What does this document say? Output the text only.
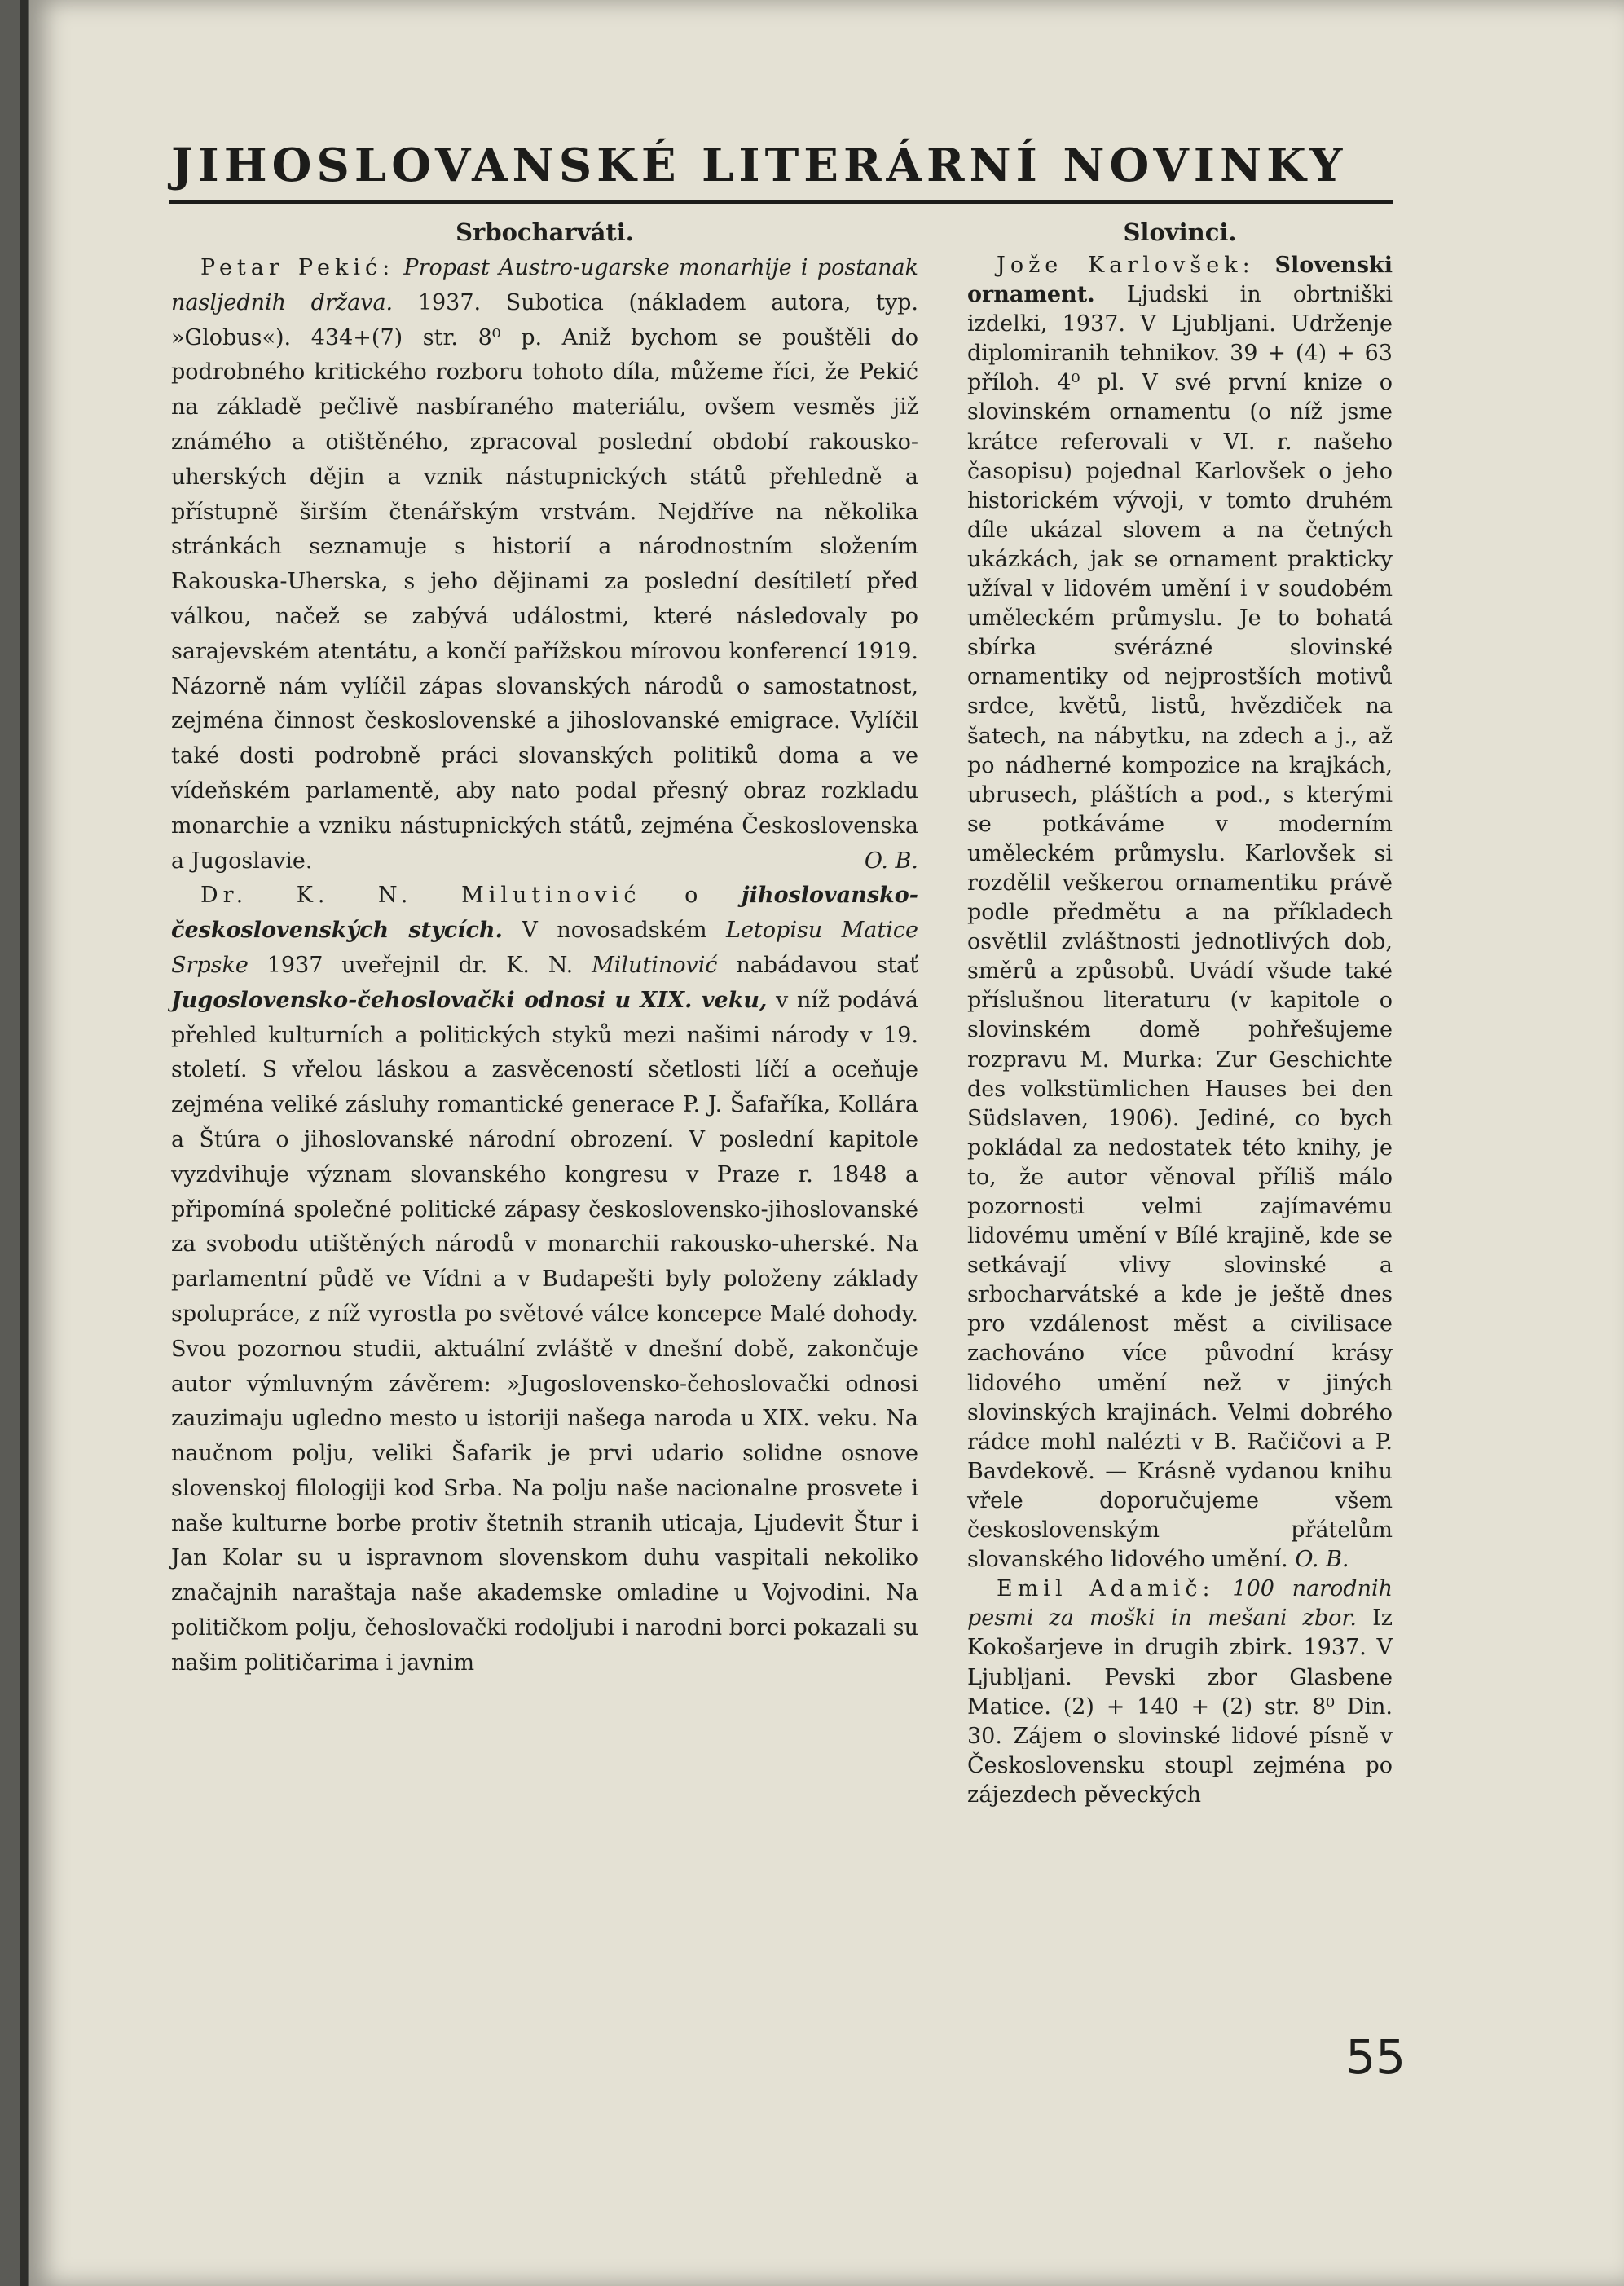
JIHOSLOVANSKÉ LITERÁRNÍ NOVINKY
Srbocharváti.

Petar Pekić: Propast Austro-ugarske monarhije i postanak nasljednih država. 1937. Subotica (nákladem autora, typ. »Globus«). 434+(7) str. 8⁰ p. Aniž bychom se pouštěli do podrobného kritického rozboru tohoto díla, můžeme říci, že Pekić na základě pečlivě nasbíraného materiálu, ovšem vesměs již známého a otištěného, zpracoval poslední období rakousko-uherských dějin a vznik nástupnických států přehledně a přístupně širším čtenářským vrstvám. Nejdříve na několika stránkách seznamuje s historií a národnostním složením Rakouska-Uherska, s jeho dějinami za poslední desítiletí před válkou, načež se zabývá událostmi, které následovaly po sarajevském atentátu, a končí pařížskou mírovou konferencí 1919. Názorně nám vylíčil zápas slovanských národů o samostatnost, zejména činnost československé a jihoslovanské emigrace. Vylíčil také dosti podrobně práci slovanských politiků doma a ve vídeňském parlamentě, aby nato podal přesný obraz rozkladu monarchie a vzniku nástupnických států, zejména Československa a Jugoslavie.	O. B.

Dr. K. N. Milutinović o jihoslovansko-československých stycích. V novosadském Letopisu Matice Srpske 1937 uveřejnil dr. K. N. Milutinović nabádavou stať Jugoslovensko-čehoslovački odnosi u XIX. veku, v níž podává přehled kulturních a politických styků mezi našimi národy v 19. století. S vřelou láskou a zasvěceností sčetlosti líčí a oceňuje zejména veliké zásluhy romantické generace P. J. Šafaříka, Kollára a Štúra o jihoslovanské národní obrození. V poslední kapitole vyzdvihuje význam slovanského kongresu v Praze r. 1848 a připomíná společné politické zápasy československo-jihoslovanské za svobodu utištěných národů v monarchii rakousko-uherské. Na parlamentní půdě ve Vídni a v Budapešti byly položeny základy spolupráce, z níž vyrostla po světové válce koncepce Malé dohody. Svou pozornou studii, aktuální zvláště v dnešní době, zakončuje autor výmluvným závěrem: »Jugoslovensko-čehoslovački odnosi zauzimaju ugledno mesto u istoriji našega naroda u XIX. veku. Na naučnom polju, veliki Šafarik je prvi udario solidne osnove slovenskoj filologiji kod Srba. Na polju naše nacionalne prosvete i naše kulturne borbe protiv štetnih stranih uticaja, Ljudevit Štur i Jan Kolar su u ispravnom slovenskom duhu vaspitali nekoliko značajnih naraštaja naše akademske omladine u Vojvodini. Na političkom polju, čehoslovački rodoljubi i narodni borci pokazali su našim političarima i javnim

Slovinci.

Jože Karlovšek: Slovenski ornament. Ljudski in obrtniški izdelki, 1937. V Ljubljani. Udrženje diplomiranih tehnikov. 39 + (4) + 63 příloh. 4⁰ pl. V své první knize o slovinském ornamentu (o níž jsme krátce referovali v VI. r. našeho časopisu) pojednal Karlovšek o jeho historickém vývoji, v tomto druhém díle ukázal slovem a na četných ukázkách, jak se ornament prakticky užíval v lidovém umění i v soudobém uměleckém průmyslu. Je to bohatá sbírka svérázné slovinské ornamentiky od nejprostších motivů srdce, květů, listů, hvězdiček na šatech, na nábytku, na zdech a j., až po nádherné kompozice na krajkách, ubrusech, pláštích a pod., s kterými se potkáváme v moderním uměleckém průmyslu. Karlovšek si rozdělil veškerou ornamentiku právě podle předmětu a na příkladech osvětlil zvláštnosti jednotlivých dob, směrů a způsobů. Uvádí všude také příslušnou literaturu (v kapitole o slovinském domě pohřešujeme rozpravu M. Murka: Zur Geschichte des volkstümlichen Hauses bei den Südslaven, 1906). Jediné, co bych pokládal za nedostatek této knihy, je to, že autor věnoval příliš málo pozornosti velmi zajímavému lidovému umění v Bílé krajině, kde se setkávají vlivy slovinské a srbocharvátské a kde je ještě dnes pro vzdálenost měst a civilisace zachováno více původní krásy lidového umění než v jiných slovinských krajinách. Velmi dobrého rádce mohl nalézti v B. Račičovi a P. Bavdekově. — Krásně vydanou knihu vřele doporučujeme všem československým přátelům slovanského lidového umění. O. B.

Emil Adamič: 100 narodnih pesmi za moški in mešani zbor. Iz Kokošarjeve in drugih zbirk. 1937. V Ljubljani. Pevski zbor Glasbene Matice. (2) + 140 + (2) str. 8⁰ Din. 30. Zájem o slovinské lidové písně v Československu stoupl zejména po zájezdech pěveckých

55
